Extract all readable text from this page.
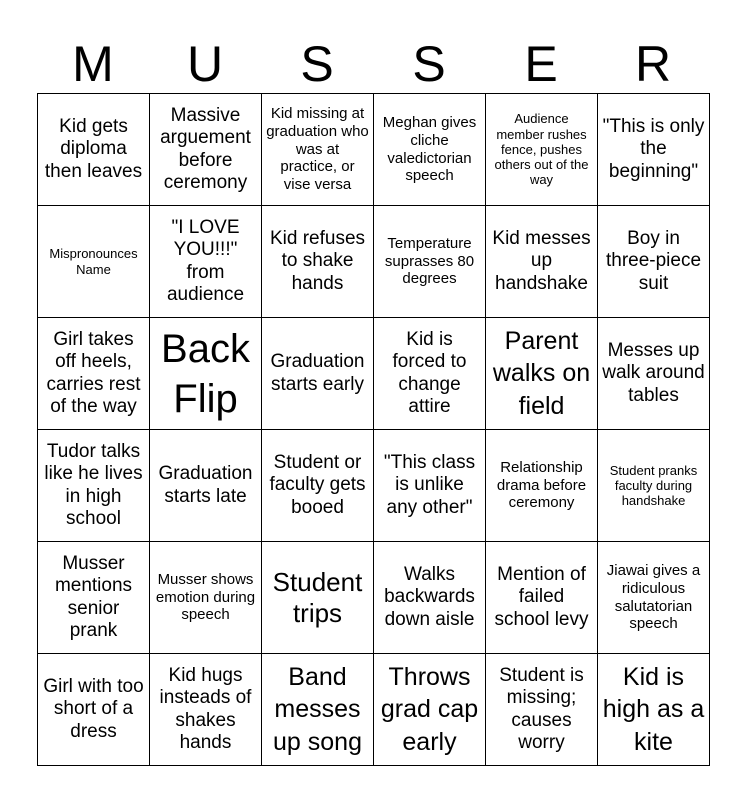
M	U	S	S	E	R
Kid gets diploma then leaves	Massive arguement before ceremony	Kid missing at graduation who was at practice, or vise versa	Meghan gives cliche valedictorian speech	Audience member rushes fence, pushes others out of the way	"This is only the beginning"
Mispronounces Name	"I LOVE YOU!!!" from audience	Kid refuses to shake hands	Temperature suprasses 80 degrees	Kid messes up handshake	Boy in three-piece suit
Girl takes off heels, carries rest of the way	Back Flip	Graduation starts early	Kid is forced to change attire	Parent walks on field	Messes up walk around tables
Tudor talks like he lives in high school	Graduation starts late	Student or faculty gets booed	"This class is unlike any other"	Relationship drama before ceremony	Student pranks faculty during handshake
Musser mentions senior prank	Musser shows emotion during speech	Student trips	Walks backwards down aisle	Mention of failed school levy	Jiawai gives a ridiculous salutatorian speech
Girl with too short of a dress	Kid hugs insteads of shakes hands	Band messes up song	Throws grad cap early	Student is missing; causes worry	Kid is high as a kite
